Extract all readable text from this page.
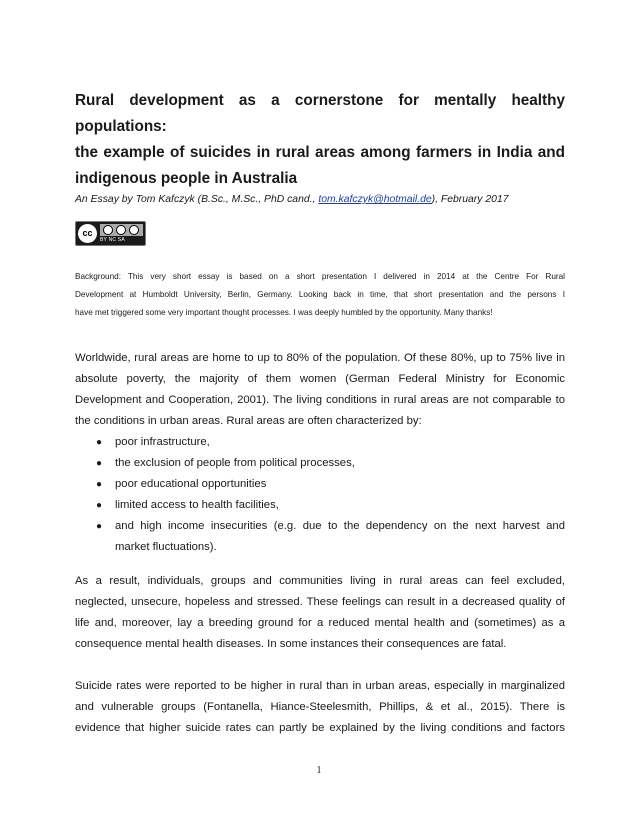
Rural development as a cornerstone for mentally healthy populations:
the example of suicides in rural areas among farmers in India and
indigenous people in Australia
An Essay by Tom Kafczyk (B.Sc., M.Sc., PhD cand., tom.kafczyk@hotmail.de), February 2017
cc
BY NC SA
Background: This very short essay is based on a short presentation I delivered in 2014 at the Centre For Rural
Development at Humboldt University, Berlin, Germany. Looking back in time, that short presentation and the persons I
have met triggered some very important thought processes. I was deeply humbled by the opportunity. Many thanks!
Worldwide, rural areas are home to up to 80% of the population. Of these 80%, up to 75% live in
absolute poverty, the majority of them women (German Federal Ministry for Economic
Development and Cooperation, 2001). The living conditions in rural areas are not comparable to
the conditions in urban areas. Rural areas are often characterized by:
● poor infrastructure,
● the exclusion of people from political processes,
● poor educational opportunities
● limited access to health facilities,
● and high income insecurities (e.g. due to the dependency on the next harvest and
market fluctuations).
As a result, individuals, groups and communities living in rural areas can feel excluded,
neglected, unsecure, hopeless and stressed. These feelings can result in a decreased quality of
life and, moreover, lay a breeding ground for a reduced mental health and (sometimes) as a
consequence mental health diseases. In some instances their consequences are fatal.
Suicide rates were reported to be higher in rural than in urban areas, especially in marginalized
and vulnerable groups (Fontanella, Hiance-Steelesmith, Phillips, & et al., 2015). There is
evidence that higher suicide rates can partly be explained by the living conditions and factors
1
